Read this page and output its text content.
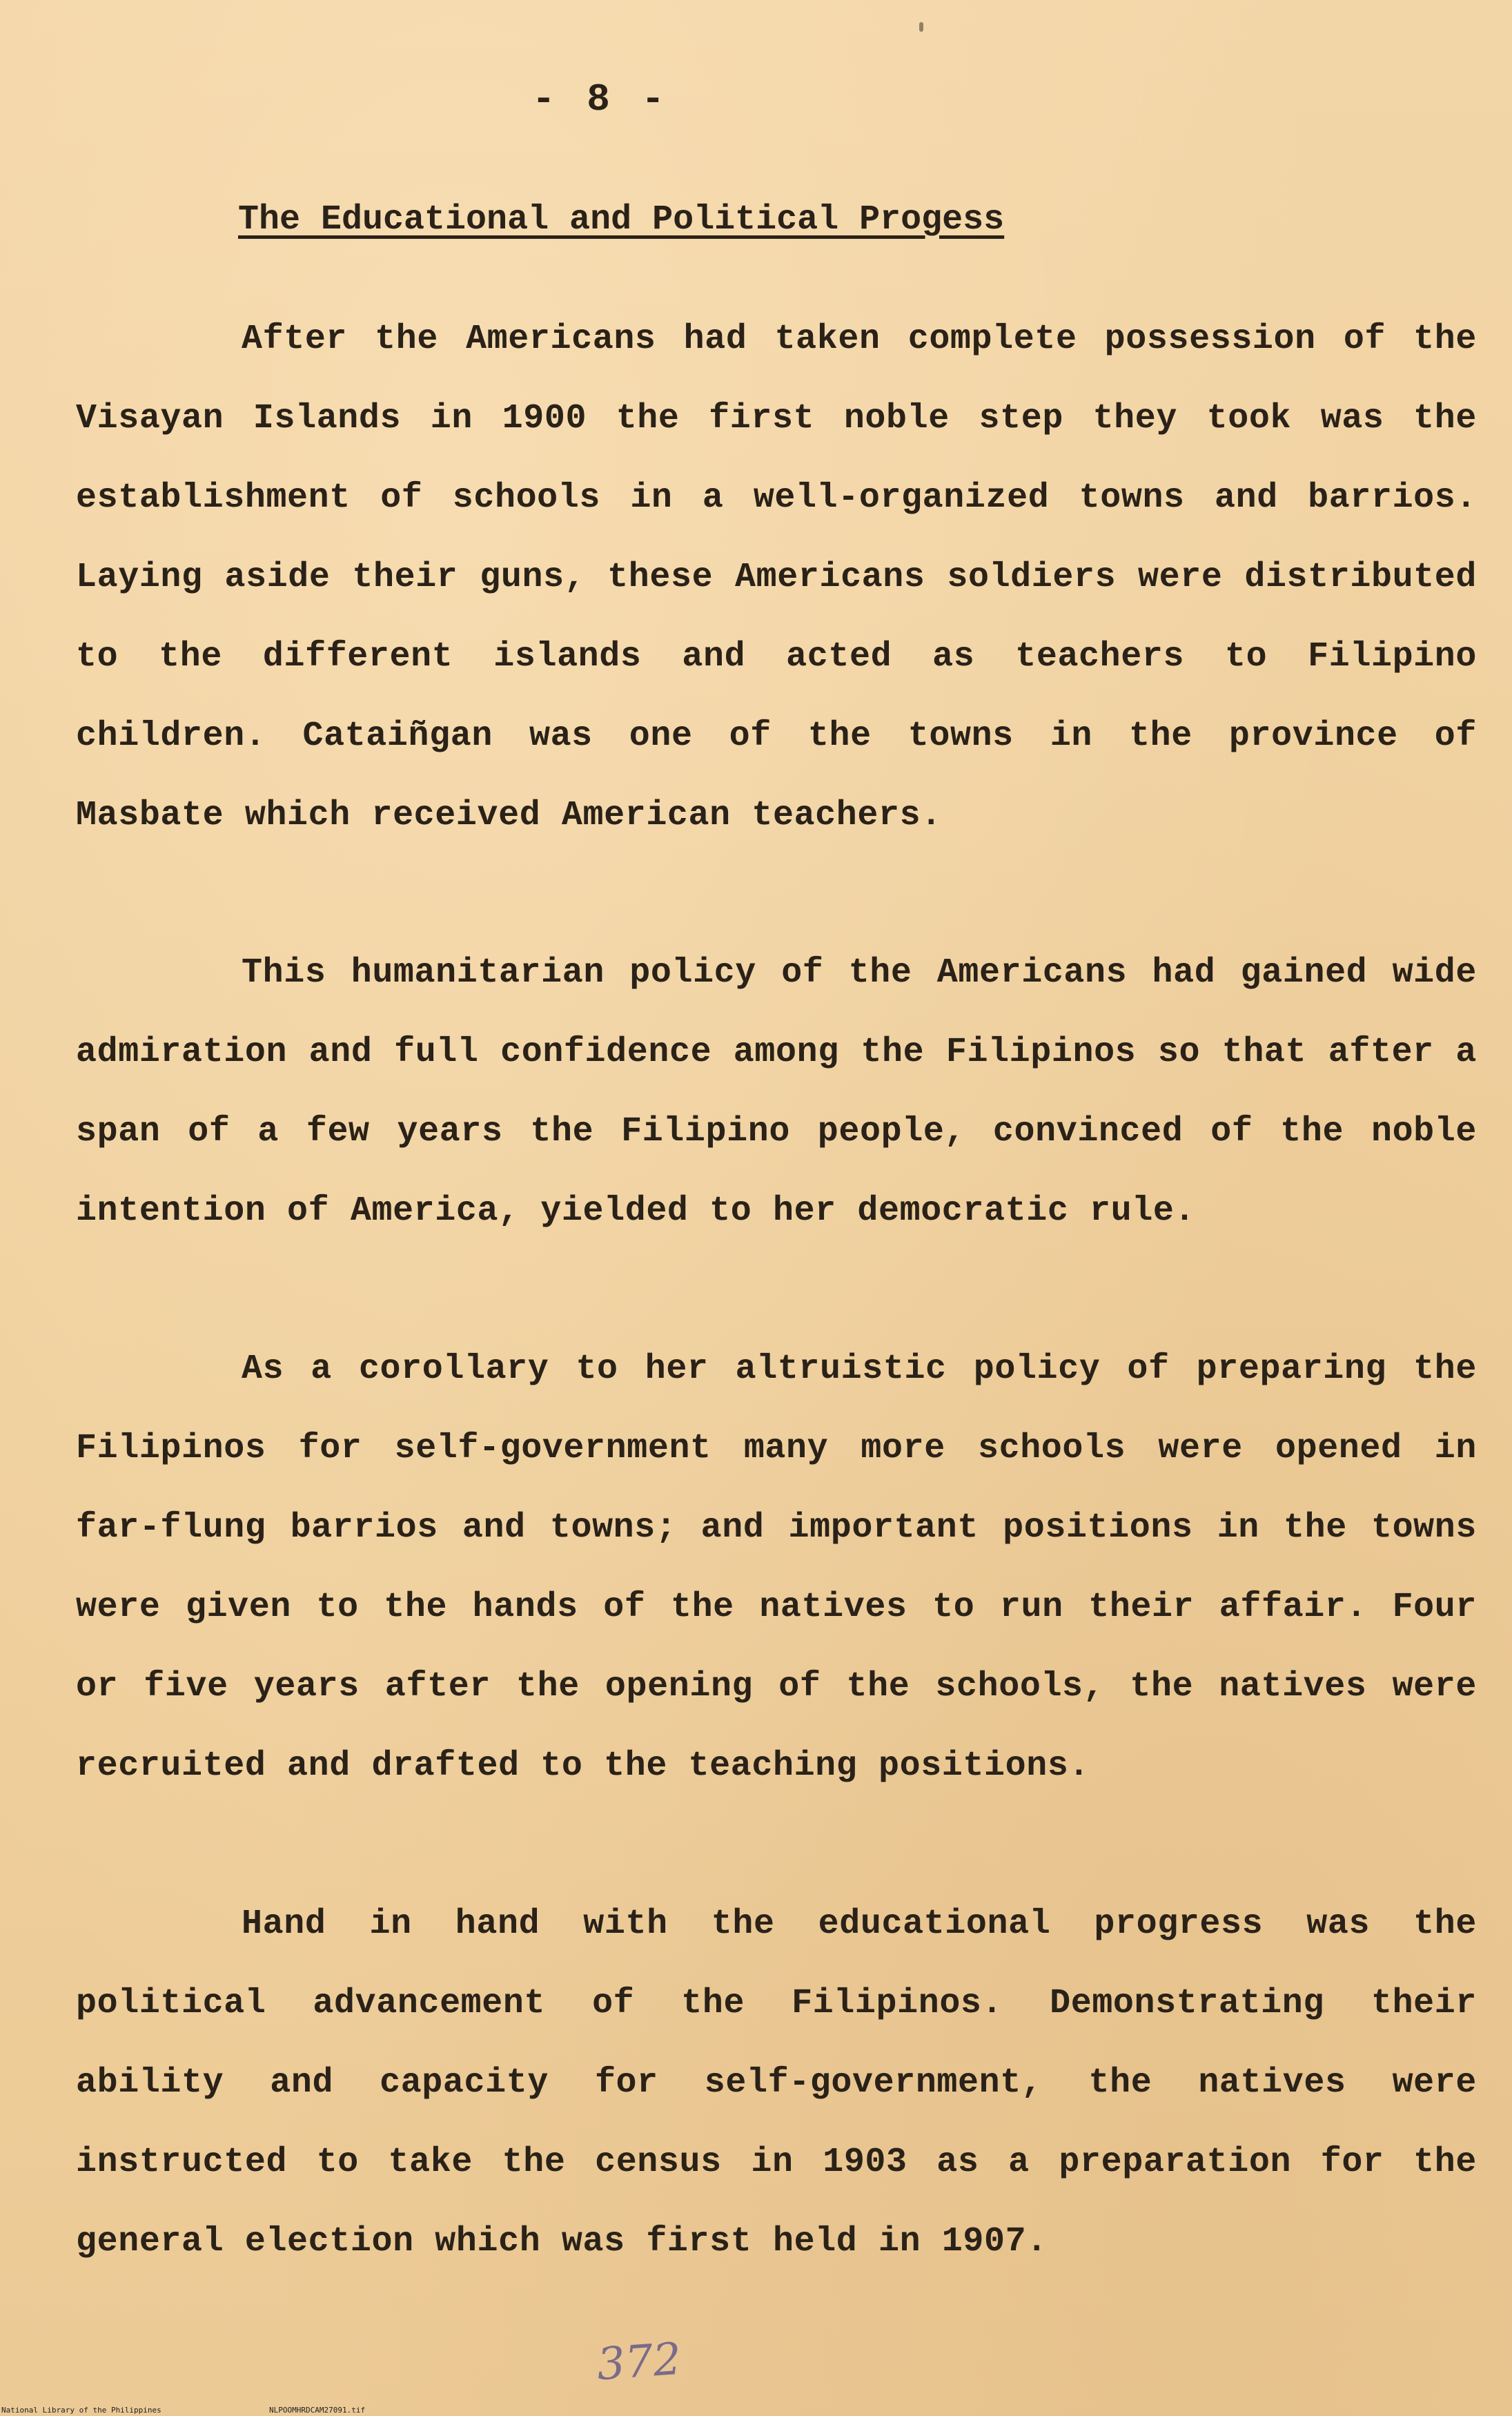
- 8 -
The Educational and Political Progess

After the Americans had taken complete possession of the Visayan Islands in 1900 the first noble step they took was the establishment of schools in a well-organized towns and barrios. Laying aside their guns, these Americans soldiers were distributed to the different islands and acted as teachers to Filipino children. Cataiñgan was one of the towns in the province of Masbate which received American teachers.

This humanitarian policy of the Americans had gained wide admiration and full confidence among the Filipinos so that after a span of a few years the Filipino people, convinced of the noble intention of America, yielded to her democratic rule.

As a corollary to her altruistic policy of preparing the Filipinos for self-government many more schools were opened in far-flung barrios and towns; and important positions in the towns were given to the hands of the natives to run their affair. Four or five years after the opening of the schools, the natives were recruited and drafted to the teaching positions.

Hand in hand with the educational progress was the political advancement of the Filipinos. Demonstrating their ability and capacity for self-government, the natives were instructed to take the census in 1903 as a preparation for the general election which was first held in 1907.

372
National Library of the Philippines	NLPOOMHRDCAM27091.tif
